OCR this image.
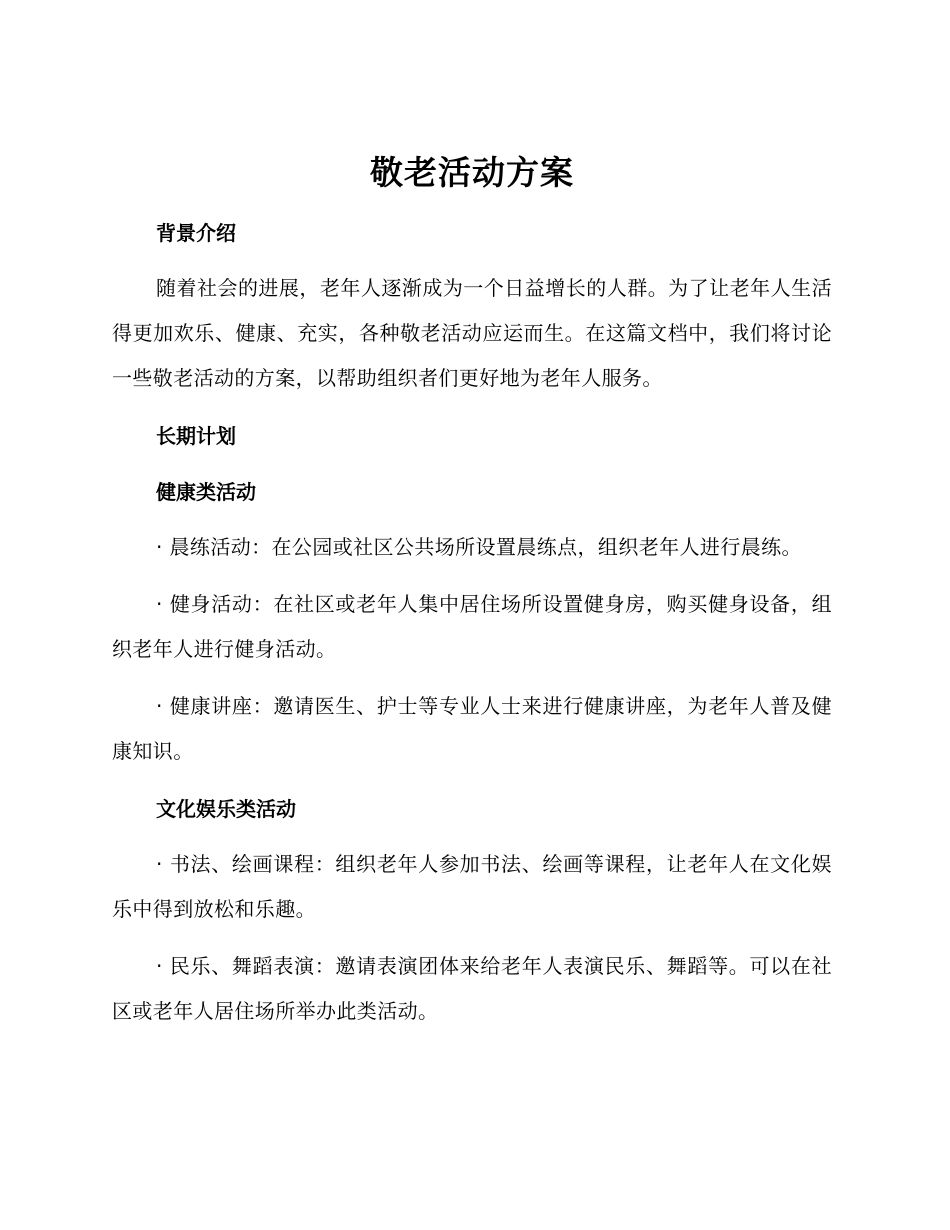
敬老活动方案

背景介绍

随着社会的进展，老年人逐渐成为一个日益增长的人群。为了让老年人生活得更加欢乐、健康、充实，各种敬老活动应运而生。在这篇文档中，我们将讨论一些敬老活动的方案，以帮助组织者们更好地为老年人服务。

长期计划

健康类活动

· 晨练活动：在公园或社区公共场所设置晨练点，组织老年人进行晨练。

· 健身活动：在社区或老年人集中居住场所设置健身房，购买健身设备，组织老年人进行健身活动。

· 健康讲座：邀请医生、护士等专业人士来进行健康讲座，为老年人普及健康知识。

文化娱乐类活动

· 书法、绘画课程：组织老年人参加书法、绘画等课程，让老年人在文化娱乐中得到放松和乐趣。

· 民乐、舞蹈表演：邀请表演团体来给老年人表演民乐、舞蹈等。可以在社区或老年人居住场所举办此类活动。
